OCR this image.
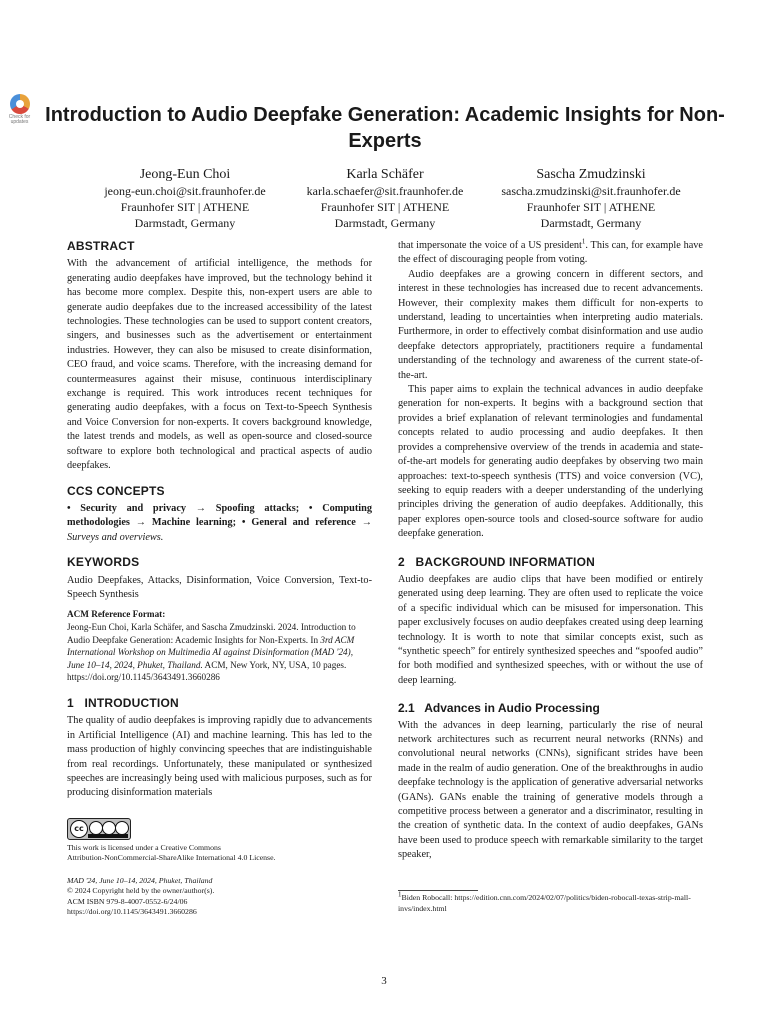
Check for updates Introduction to Audio Deepfake Generation: Academic Insights for Non-Experts
Jeong-Eun Choi
jeong-eun.choi@sit.fraunhofer.de
Fraunhofer SIT | ATHENE
Darmstadt, Germany
Karla Schäfer
karla.schaefer@sit.fraunhofer.de
Fraunhofer SIT | ATHENE
Darmstadt, Germany
Sascha Zmudzinski
sascha.zmudzinski@sit.fraunhofer.de
Fraunhofer SIT | ATHENE
Darmstadt, Germany
ABSTRACT

With the advancement of artificial intelligence, the methods for generating audio deepfakes have improved, but the technology behind it has become more complex. Despite this, non-expert users are able to generate audio deepfakes due to the increased accessibility of the latest technologies. These technologies can be used to support content creators, singers, and businesses such as the advertisement or entertainment industries. However, they can also be misused to create disinformation, CEO fraud, and voice scams. Therefore, with the increasing demand for countermeasures against their misuse, continuous interdisciplinary exchange is required. This work introduces recent techniques for generating audio deepfakes, with a focus on Text-to-Speech Synthesis and Voice Conversion for non-experts. It covers background knowledge, the latest trends and models, as well as open-source and closed-source software to explore both technological and practical aspects of audio deepfakes.

CCS CONCEPTS

• Security and privacy → Spoofing attacks; • Computing methodologies → Machine learning; • General and reference → Surveys and overviews.

KEYWORDS

Audio Deepfakes, Attacks, Disinformation, Voice Conversion, Text-to-Speech Synthesis

ACM Reference Format:
Jeong-Eun Choi, Karla Schäfer, and Sascha Zmudzinski. 2024. Introduction to Audio Deepfake Generation: Academic Insights for Non-Experts. In 3rd ACM International Workshop on Multimedia AI against Disinformation (MAD '24), June 10–14, 2024, Phuket, Thailand. ACM, New York, NY, USA, 10 pages. https://doi.org/10.1145/3643491.3660286
1   INTRODUCTION

The quality of audio deepfakes is improving rapidly due to advancements in Artificial Intelligence (AI) and machine learning. This has led to the mass production of highly convincing speeches that are indistinguishable from real recordings. Unfortunately, these manipulated or synthesized speeches are increasingly being used with malicious purposes, such as for producing disinformation materials

cc
This work is licensed under a Creative Commons
Attribution-NonCommercial-ShareAlike International 4.0 License.
MAD '24, June 10–14, 2024, Phuket, Thailand
© 2024 Copyright held by the owner/author(s).
ACM ISBN 979-8-4007-0552-6/24/06
https://doi.org/10.1145/3643491.3660286

that impersonate the voice of a US president$^1$. This can, for example have the effect of discouraging people from voting.

Audio deepfakes are a growing concern in different sectors, and interest in these technologies has increased due to recent advancements. However, their complexity makes them difficult for non-experts to understand, leading to uncertainties when interpreting audio materials. Furthermore, in order to effectively combat disinformation and use audio deepfake detectors appropriately, practitioners require a fundamental understanding of the technology and awareness of the current state-of-the-art.

This paper aims to explain the technical advances in audio deepfake generation for non-experts. It begins with a background section that provides a brief explanation of relevant terminologies and fundamental concepts related to audio processing and audio deepfakes. It then provides a comprehensive overview of the trends in academia and state-of-the-art models for generating audio deepfakes by observing two main approaches: text-to-speech synthesis (TTS) and voice conversion (VC), seeking to equip readers with a deeper understanding of the underlying principles driving the generation of audio deepfakes. Additionally, this paper explores open-source tools and closed-source software for audio deepfake generation.

2   BACKGROUND INFORMATION

Audio deepfakes are audio clips that have been modified or entirely generated using deep learning. They are often used to replicate the voice of a specific individual which can be misused for impersonation. This paper exclusively focuses on audio deepfakes created using deep learning technology. It is worth to note that similar concepts exist, such as “synthetic speech” for entirely synthesized speeches and “spoofed audio” for both modified and synthesized speeches, with or without the use of deep learning.

2.1   Advances in Audio Processing

With the advances in deep learning, particularly the rise of neural network architectures such as recurrent neural networks (RNNs) and convolutional neural networks (CNNs), significant strides have been made in the realm of audio generation. One of the breakthroughs in audio deepfake technology is the application of generative adversarial networks (GANs). GANs enable the training of generative models through a competitive process between a generator and a discriminator, resulting in the creation of synthetic data. In the context of audio deepfakes, GANs have been used to produce speech with remarkable similarity to the target speaker,

$^1$Biden Robocall: https://edition.cnn.com/2024/02/07/politics/biden-robocall-texas-strip-mall-invs/index.html
3
